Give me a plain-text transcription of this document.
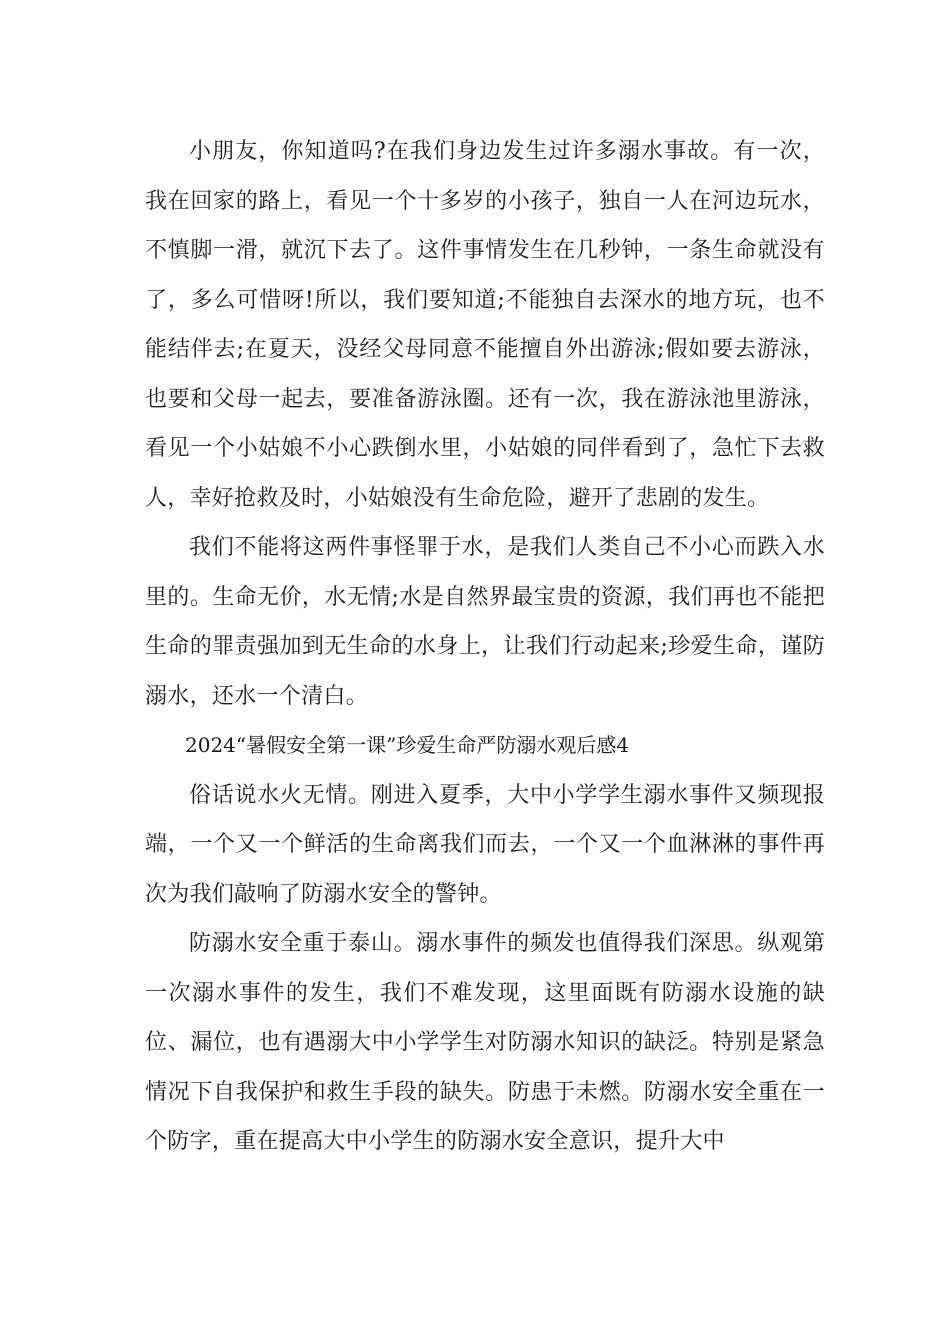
小朋友，你知道吗?在我们身边发生过许多溺水事故。有一次，我在回家的路上，看见一个十多岁的小孩子，独自一人在河边玩水，不慎脚一滑，就沉下去了。这件事情发生在几秒钟，一条生命就没有了，多么可惜呀!所以，我们要知道;不能独自去深水的地方玩，也不能结伴去;在夏天，没经父母同意不能擅自外出游泳;假如要去游泳，也要和父母一起去，要准备游泳圈。还有一次，我在游泳池里游泳，看见一个小姑娘不小心跌倒水里，小姑娘的同伴看到了，急忙下去救人，幸好抢救及时，小姑娘没有生命危险，避开了悲剧的发生。

我们不能将这两件事怪罪于水，是我们人类自己不小心而跌入水里的。生命无价，水无情;水是自然界最宝贵的资源，我们再也不能把生命的罪责强加到无生命的水身上，让我们行动起来;珍爱生命，谨防溺水，还水一个清白。

2024“暑假安全第一课”珍爱生命严防溺水观后感4

俗话说水火无情。刚进入夏季，大中小学学生溺水事件又频现报端，一个又一个鲜活的生命离我们而去，一个又一个血淋淋的事件再次为我们敲响了防溺水安全的警钟。

防溺水安全重于泰山。溺水事件的频发也值得我们深思。纵观第一次溺水事件的发生，我们不难发现，这里面既有防溺水设施的缺位、漏位，也有遇溺大中小学学生对防溺水知识的缺泛。特别是紧急情况下自我保护和救生手段的缺失。防患于未燃。防溺水安全重在一个防字，重在提高大中小学生的防溺水安全意识，提升大中
